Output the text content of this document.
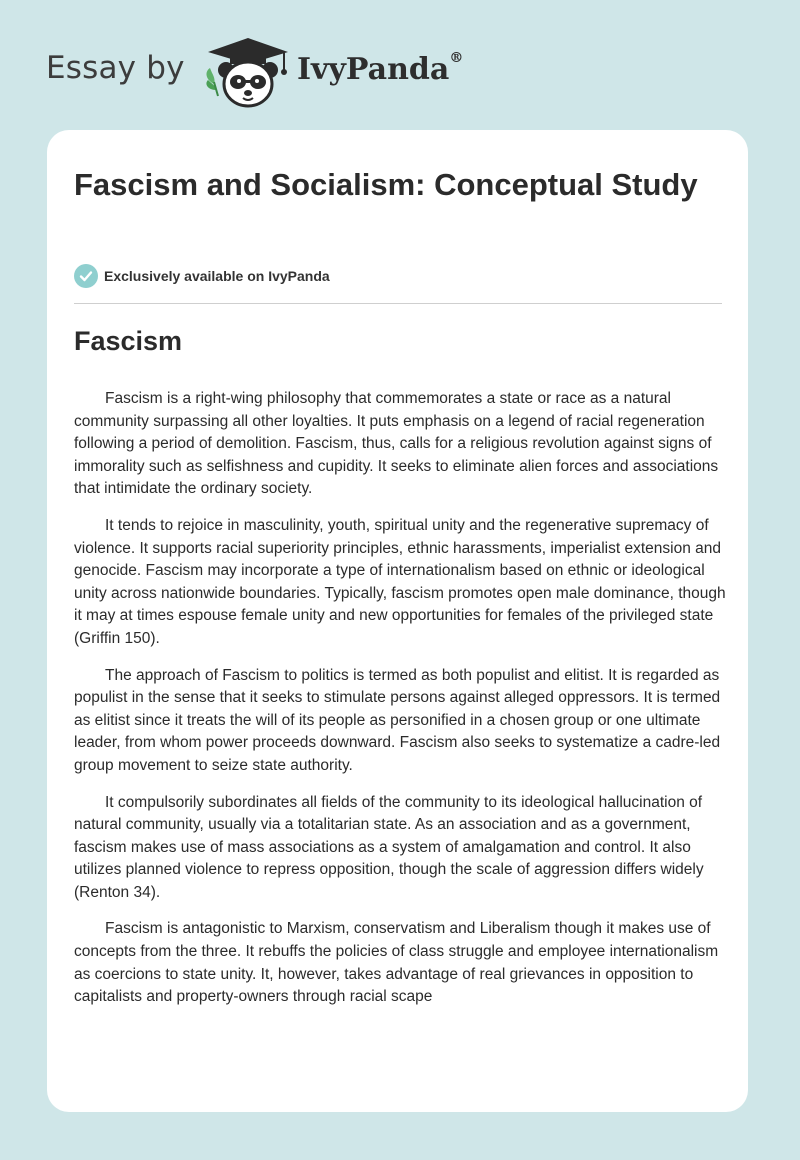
Essay by	IvyPanda®
Fascism and Socialism: Conceptual Study
Exclusively available on IvyPanda
Fascism

Fascism is a right-wing philosophy that commemorates a state or race as a natural community surpassing all other loyalties. It puts emphasis on a legend of racial regeneration following a period of demolition. Fascism, thus, calls for a religious revolution against signs of immorality such as selfishness and cupidity. It seeks to eliminate alien forces and associations that intimidate the ordinary society.

It tends to rejoice in masculinity, youth, spiritual unity and the regenerative supremacy of violence. It supports racial superiority principles, ethnic harassments, imperialist extension and genocide. Fascism may incorporate a type of internationalism based on ethnic or ideological unity across nationwide boundaries. Typically, fascism promotes open male dominance, though it may at times espouse female unity and new opportunities for females of the privileged state (Griffin 150).

The approach of Fascism to politics is termed as both populist and elitist. It is regarded as populist in the sense that it seeks to stimulate persons against alleged oppressors. It is termed as elitist since it treats the will of its people as personified in a chosen group or one ultimate leader, from whom power proceeds downward. Fascism also seeks to systematize a cadre-led group movement to seize state authority.

It compulsorily subordinates all fields of the community to its ideological hallucination of natural community, usually via a totalitarian state. As an association and as a government, fascism makes use of mass associations as a system of amalgamation and control. It also utilizes planned violence to repress opposition, though the scale of aggression differs widely (Renton 34).

Fascism is antagonistic to Marxism, conservatism and Liberalism though it makes use of concepts from the three. It rebuffs the policies of class struggle and employee internationalism as coercions to state unity. It, however, takes advantage of real grievances in opposition to capitalists and property-owners through racial scape
